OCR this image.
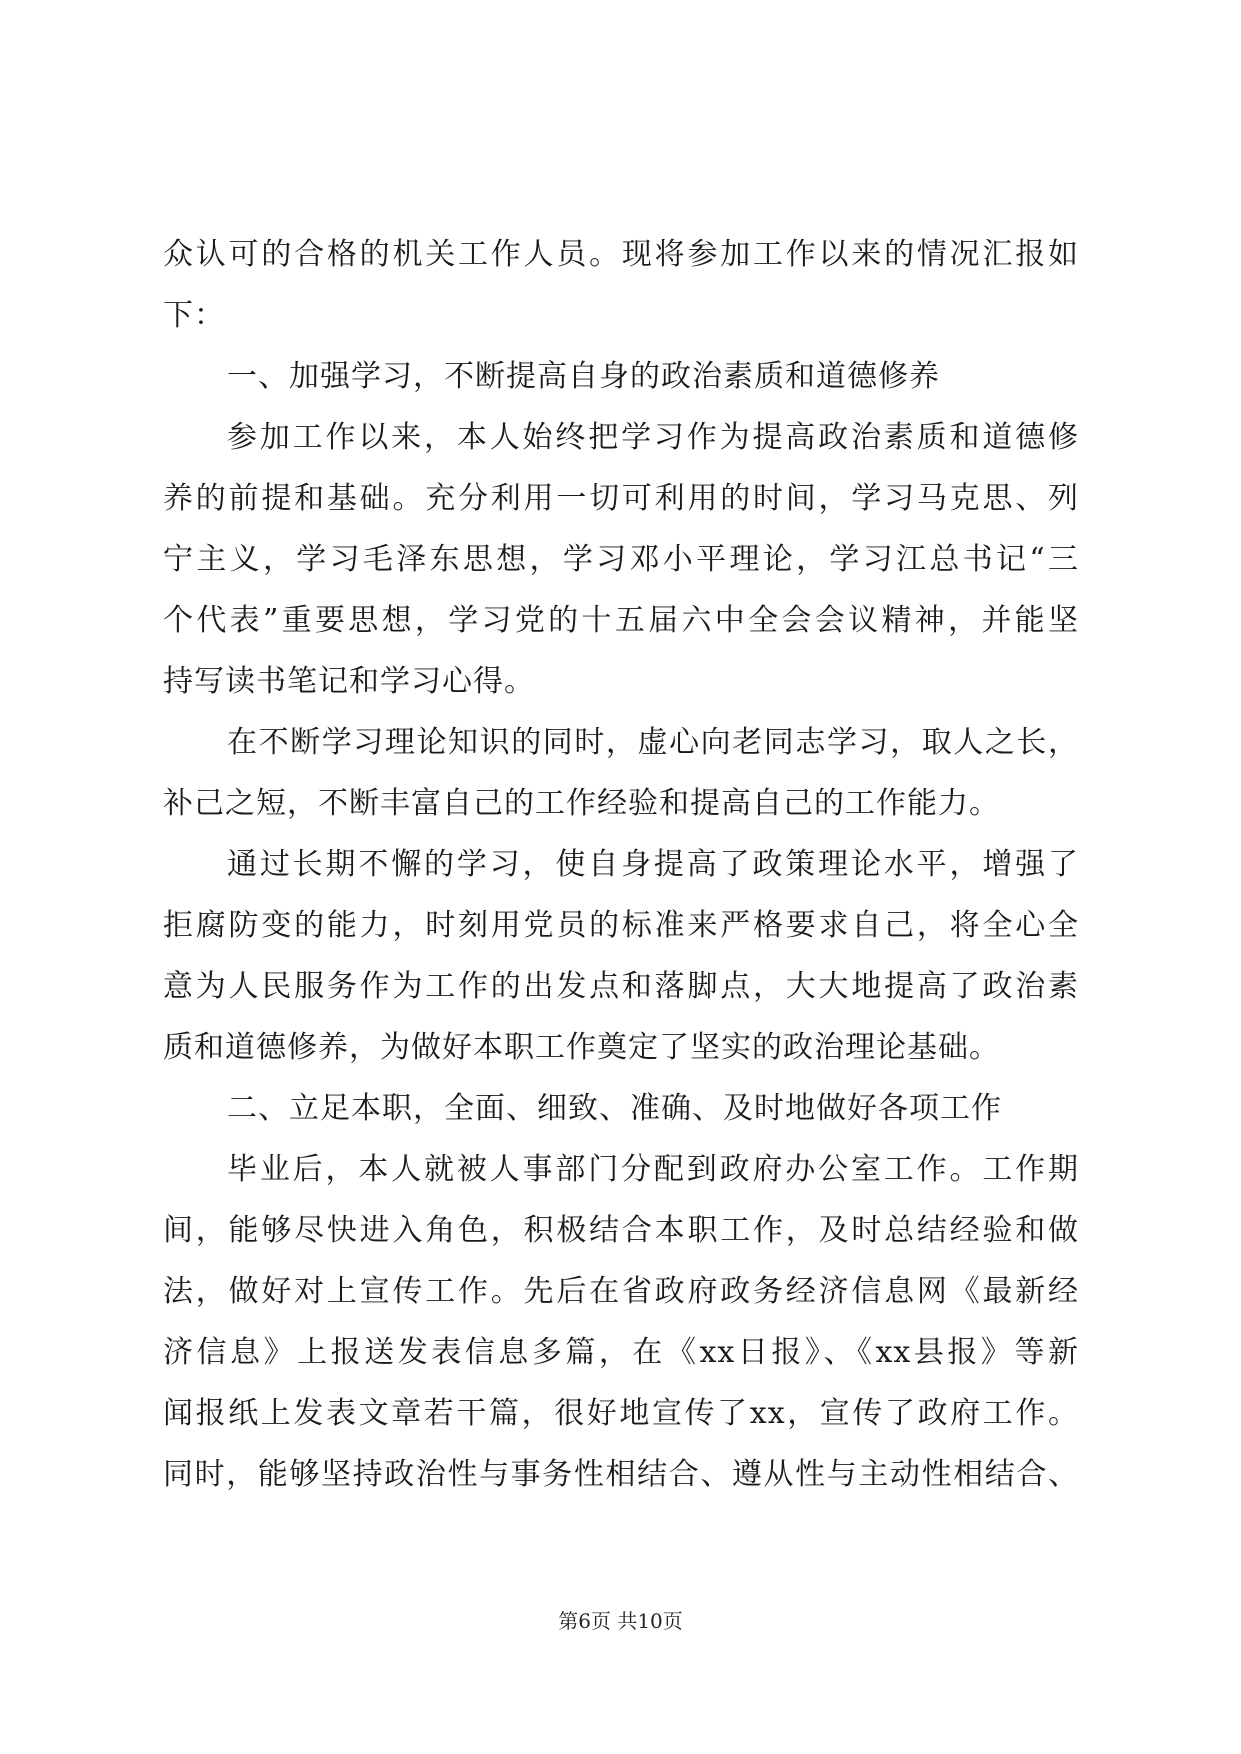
众认可的合格的机关工作人员。现将参加工作以来的情况汇报如
下：
一、加强学习，不断提高自身的政治素质和道德修养
参加工作以来，本人始终把学习作为提高政治素质和道德修
养的前提和基础。充分利用一切可利用的时间，学习马克思、列
宁主义，学习毛泽东思想，学习邓小平理论，学习江总书记“三
个代表”重要思想，学习党的十五届六中全会会议精神，并能坚
持写读书笔记和学习心得。
在不断学习理论知识的同时，虚心向老同志学习，取人之长，
补己之短，不断丰富自己的工作经验和提高自己的工作能力。
通过长期不懈的学习，使自身提高了政策理论水平，增强了
拒腐防变的能力，时刻用党员的标准来严格要求自己，将全心全
意为人民服务作为工作的出发点和落脚点，大大地提高了政治素
质和道德修养，为做好本职工作奠定了坚实的政治理论基础。
二、立足本职，全面、细致、准确、及时地做好各项工作
毕业后，本人就被人事部门分配到政府办公室工作。工作期
间，能够尽快进入角色，积极结合本职工作，及时总结经验和做
法，做好对上宣传工作。先后在省政府政务经济信息网《最新经
济信息》上报送发表信息多篇，在《xx日报》、《xx县报》等新
闻报纸上发表文章若干篇，很好地宣传了xx，宣传了政府工作。
同时，能够坚持政治性与事务性相结合、遵从性与主动性相结合、
第6页 共10页
